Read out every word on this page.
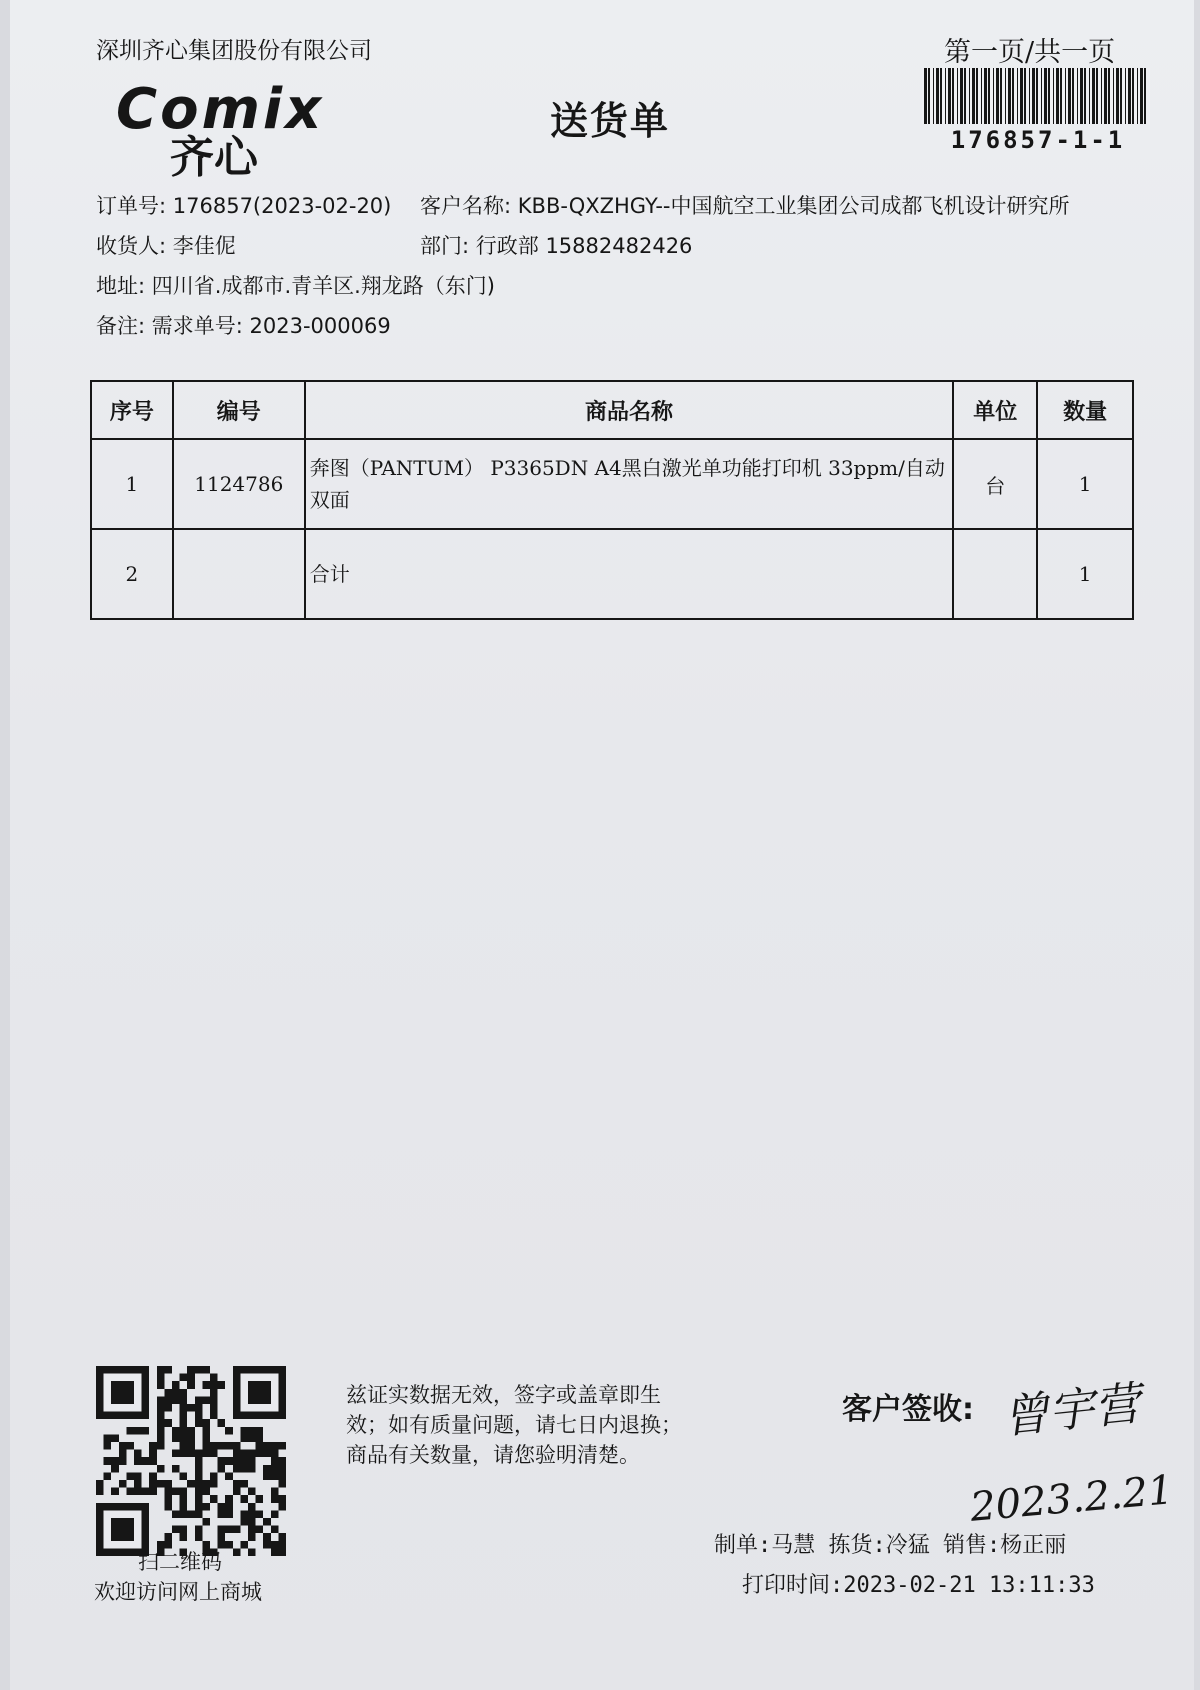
深圳齐心集团股份有限公司	第一页/共一页
176857-1-1
Comix
齐心
送货单
订单号: 176857(2023-02-20) 客户名称: KBB-QXZHGY--中国航空工业集团公司成都飞机设计研究所
收货人: 李佳伲	部门: 行政部 15882482426
地址: 四川省.成都市.青羊区.翔龙路（东门)
备注: 需求单号: 2023-000069
序号	编号	商品名称	单位	数量
1	1124786	奔图（PANTUM） P3365DN A4黑白激光单功能打印机 33ppm/自动双面	台	1
2		合计		1
扫二维码
欢迎访问网上商城
兹证实数据无效，签字或盖章即生
效；如有质量问题，请七日内退换；
商品有关数量，请您验明清楚。
客户签收: 曾宇营
2023.2.21
制单:马慧 拣货:冷猛 销售:杨正丽
打印时间:2023-02-21 13:11:33
